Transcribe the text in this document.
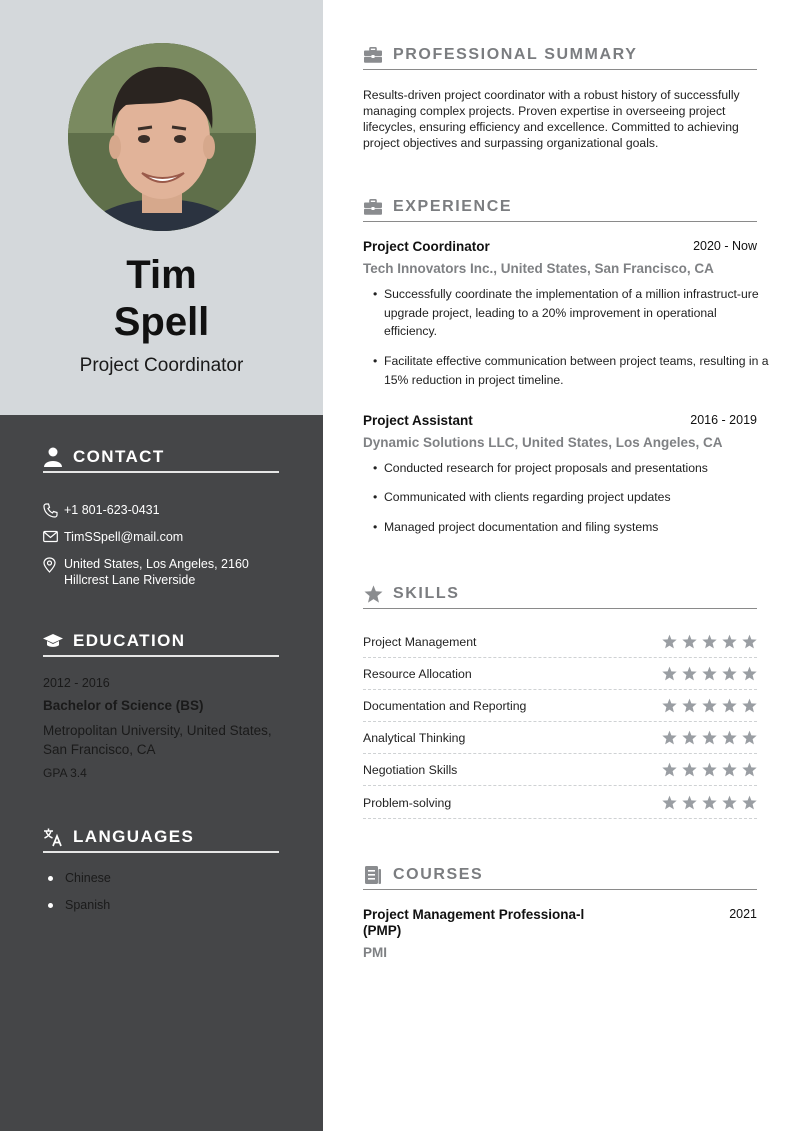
Tim
Spell
Project Coordinator
CONTACT
+1 801-623-0431
TimSSpell@mail.com
United States, Los Angeles, 2160
Hillcrest Lane Riverside
EDUCATION
2012 - 2016
Bachelor of Science (BS)
Metropolitan University, United States, San Francisco, CA
GPA 3.4
LANGUAGES
Chinese
Spanish
PROFESSIONAL SUMMARY
Results-driven project coordinator with a robust history of successfully managing complex projects. Proven expertise in overseeing project lifecycles, ensuring efficiency and excellence. Committed to achieving project objectives and surpassing organizational goals.
EXPERIENCE
Project Coordinator	2020 - Now
Tech Innovators Inc., United States, San Francisco, CA
• Successfully coordinate the implementation of a million infrastruct-ure upgrade project, leading to a 20% improvement in operational efficiency.
• Facilitate effective communication between project teams, resulting in a 15% reduction in project timeline.
Project Assistant	2016 - 2019
Dynamic Solutions LLC, United States, Los Angeles, CA
• Conducted research for project proposals and presentations
• Communicated with clients regarding project updates
• Managed project documentation and filing systems
SKILLS
Project Management
Resource Allocation
Documentation and Reporting
Analytical Thinking
Negotiation Skills
Problem-solving
COURSES
Project Management Professiona-l (PMP)
2021
PMI
